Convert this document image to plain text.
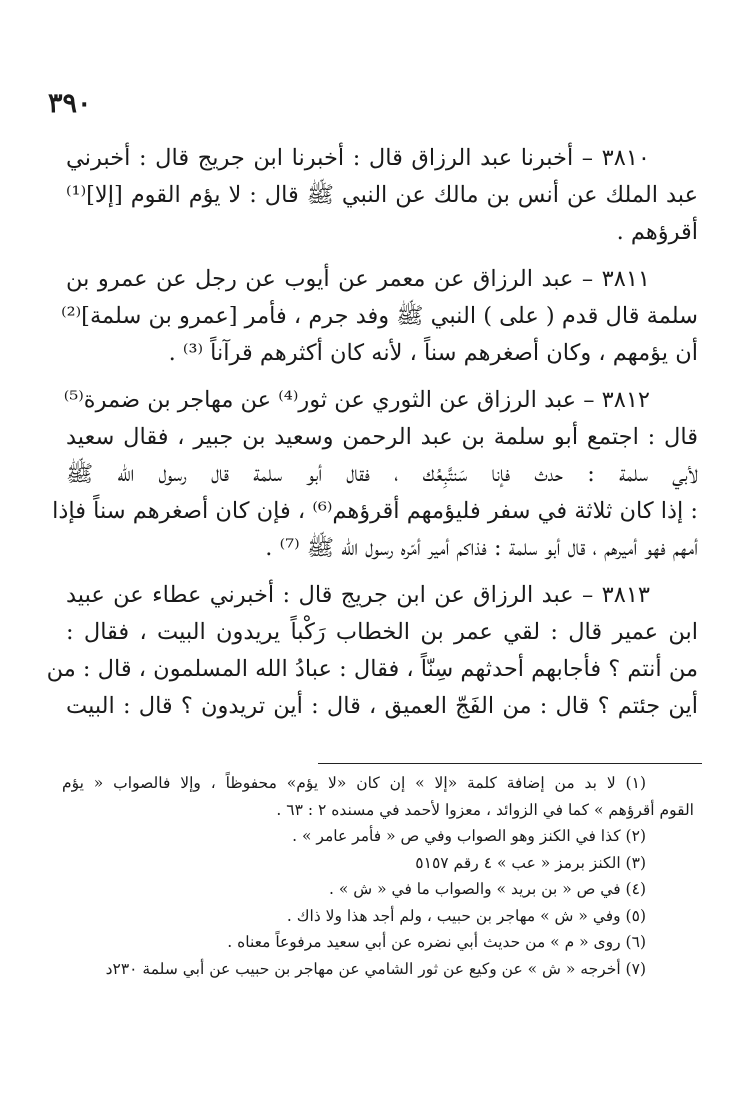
٣٩٠
٣٨١٠ – أخبرنا عبد الرزاق قال : أخبرنا ابن جريج قال : أخبرني
عبد الملك عن أنس بن مالك عن النبي ﷺ قال : لا يؤم القوم [إلا]⁽¹⁾
أقرؤهم .
٣٨١١ – عبد الرزاق عن معمر عن أيوب عن رجل عن عمرو بن
سلمة قال قدم ( على ) النبي ﷺ وفد جرم ، فأمر [عمرو بن سلمة]⁽²⁾
أن يؤمهم ، وكان أصغرهم سناً ، لأنه كان أكثرهم قرآناً ⁽³⁾ .
٣٨١٢ – عبد الرزاق عن الثوري عن ثور⁽⁴⁾ عن مهاجر بن ضمرة⁽⁵⁾
قال : اجتمع أبو سلمة بن عبد الرحمن وسعيد بن جبير ، فقال سعيد
لأبي سلمة : حدث فإنا سَنتَّبِعُك ، فقال أبو سلمة قال رسول الله ﷺ
: إذا كان ثلاثة في سفر فليؤمهم أقرؤهم⁽⁶⁾ ، فإن كان أصغرهم سناً فإذا
أمهم فهو أميرهم ، قال أبو سلمة : فذاكم أمير أمّره رسول الله ﷺ ⁽⁷⁾ .
٣٨١٣ – عبد الرزاق عن ابن جريج قال : أخبرني عطاء عن عبيد
ابن عمير قال : لقي عمر بن الخطاب رَكْباً يريدون البيت ، فقال :
من أنتم ؟ فأجابهم أحدثهم سِنّاً ، فقال : عبادُ الله المسلمون ، قال : من
أين جئتم ؟ قال : من الفَجّ العميق ، قال : أين تريدون ؟ قال : البيت
(١) لا بد من إضافة كلمة «إلا » إن كان «لا يؤم» محفوظاً ، وإلا فالصواب « يؤم
القوم أقرؤهم » كما في الزوائد ، معزوا لأحمد في مسنده ٢ : ٦٣ .
(٢) كذا في الكنز وهو الصواب وفي ص « فأمر عامر » .
(٣) الكنز برمز « عب » ٤ رقم ٥١٥٧
(٤) في ص « بن بريد » والصواب ما في « ش » .
(٥) وفي « ش » مهاجر بن حبيب ، ولم أجد هذا ولا ذاك .
(٦) روى « م » من حديث أبي نضره عن أبي سعيد مرفوعاً معناه .
(٧) أخرجه « ش » عن وكيع عن ثور الشامي عن مهاجر بن حبيب عن أبي سلمة ٢٣٠د
